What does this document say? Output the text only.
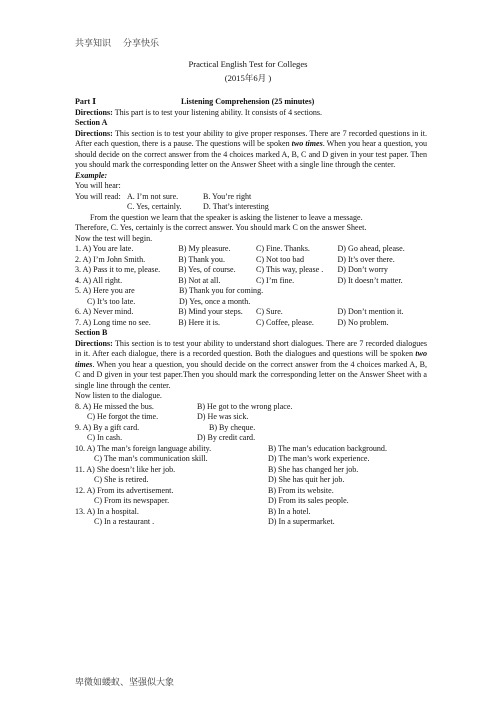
共享知识 分享快乐
Practical English Test for Colleges
(2015年6月 )
Part Ⅰ	Listening Comprehension (25 minutes)

Directions: This part is to test your listening ability. It consists of 4 sections.

Section A

Directions: This section is to test your ability to give proper responses. There are 7 recorded questions in it. After each question, there is a pause. The questions will be spoken two times. When you hear a question, you should decide on the correct answer from the 4 choices marked A, B, C and D given in your test paper. Then you should mark the corresponding letter on the Answer Sheet with a single line through the center.

Example:

You will hear:

You will read: A. I’m not sure.	B. You’re right
C. Yes, certainly.	D. That’s interesting

From the question we learn that the speaker is asking the listener to leave a message.

Therefore, C. Yes, certainly is the correct answer. You should mark C on the answer Sheet.

Now the test will begin.

1. A) You are late.	B) My pleasure.	C) Fine. Thanks.	D) Go ahead, please.
2. A) I’m John Smith.	B) Thank you.	C) Not too bad	D) It’s over there.
3. A) Pass it to me, please.	B) Yes, of course.	C) This way, please .	D) Don’t worry
4. A) All right.	B) Not at all.	C) I’m fine.	D) It doesn’t matter.
5. A) Here you are	B) Thank you for coming.
C) It’s too late.	D) Yes, once a month.
6. A) Never mind.	B) Mind your steps.	C) Sure.	D) Don’t mention it.
7. A) Long time no see.	B) Here it is.	C) Coffee, please.	D) No problem.

Section B

Directions: This section is to test your ability to understand short dialogues. There are 7 recorded dialogues in it. After each dialogue, there is a recorded question. Both the dialogues and questions will be spoken two times. When you hear a question, you should decide on the correct answer from the 4 choices marked A, B, C and D given in your test paper.Then you should mark the corresponding letter on the Answer Sheet with a single line through the center.

Now listen to the dialogue.

8. A) He missed the bus.	B) He got to the wrong place.
C) He forgot the time.	D) He was sick.
9. A) By a gift card.	B) By cheque.
C) In cash.	D) By credit card.
10. A) The man’s foreign language ability.	B) The man’s education background.
C) The man’s communication skill.	D) The man’s work experience.
11. A) She doesn’t like her job.	B) She has changed her job.
C) She is retired.	D) She has quit her job.
12. A) From its advertisement.	B) From its website.
C) From its newspaper.	D) From its sales people.
13. A) In a hospital.	B) In a hotel.
C) In a restaurant .	D) In a supermarket.
卑微如蝼蚁、坚强似大象
